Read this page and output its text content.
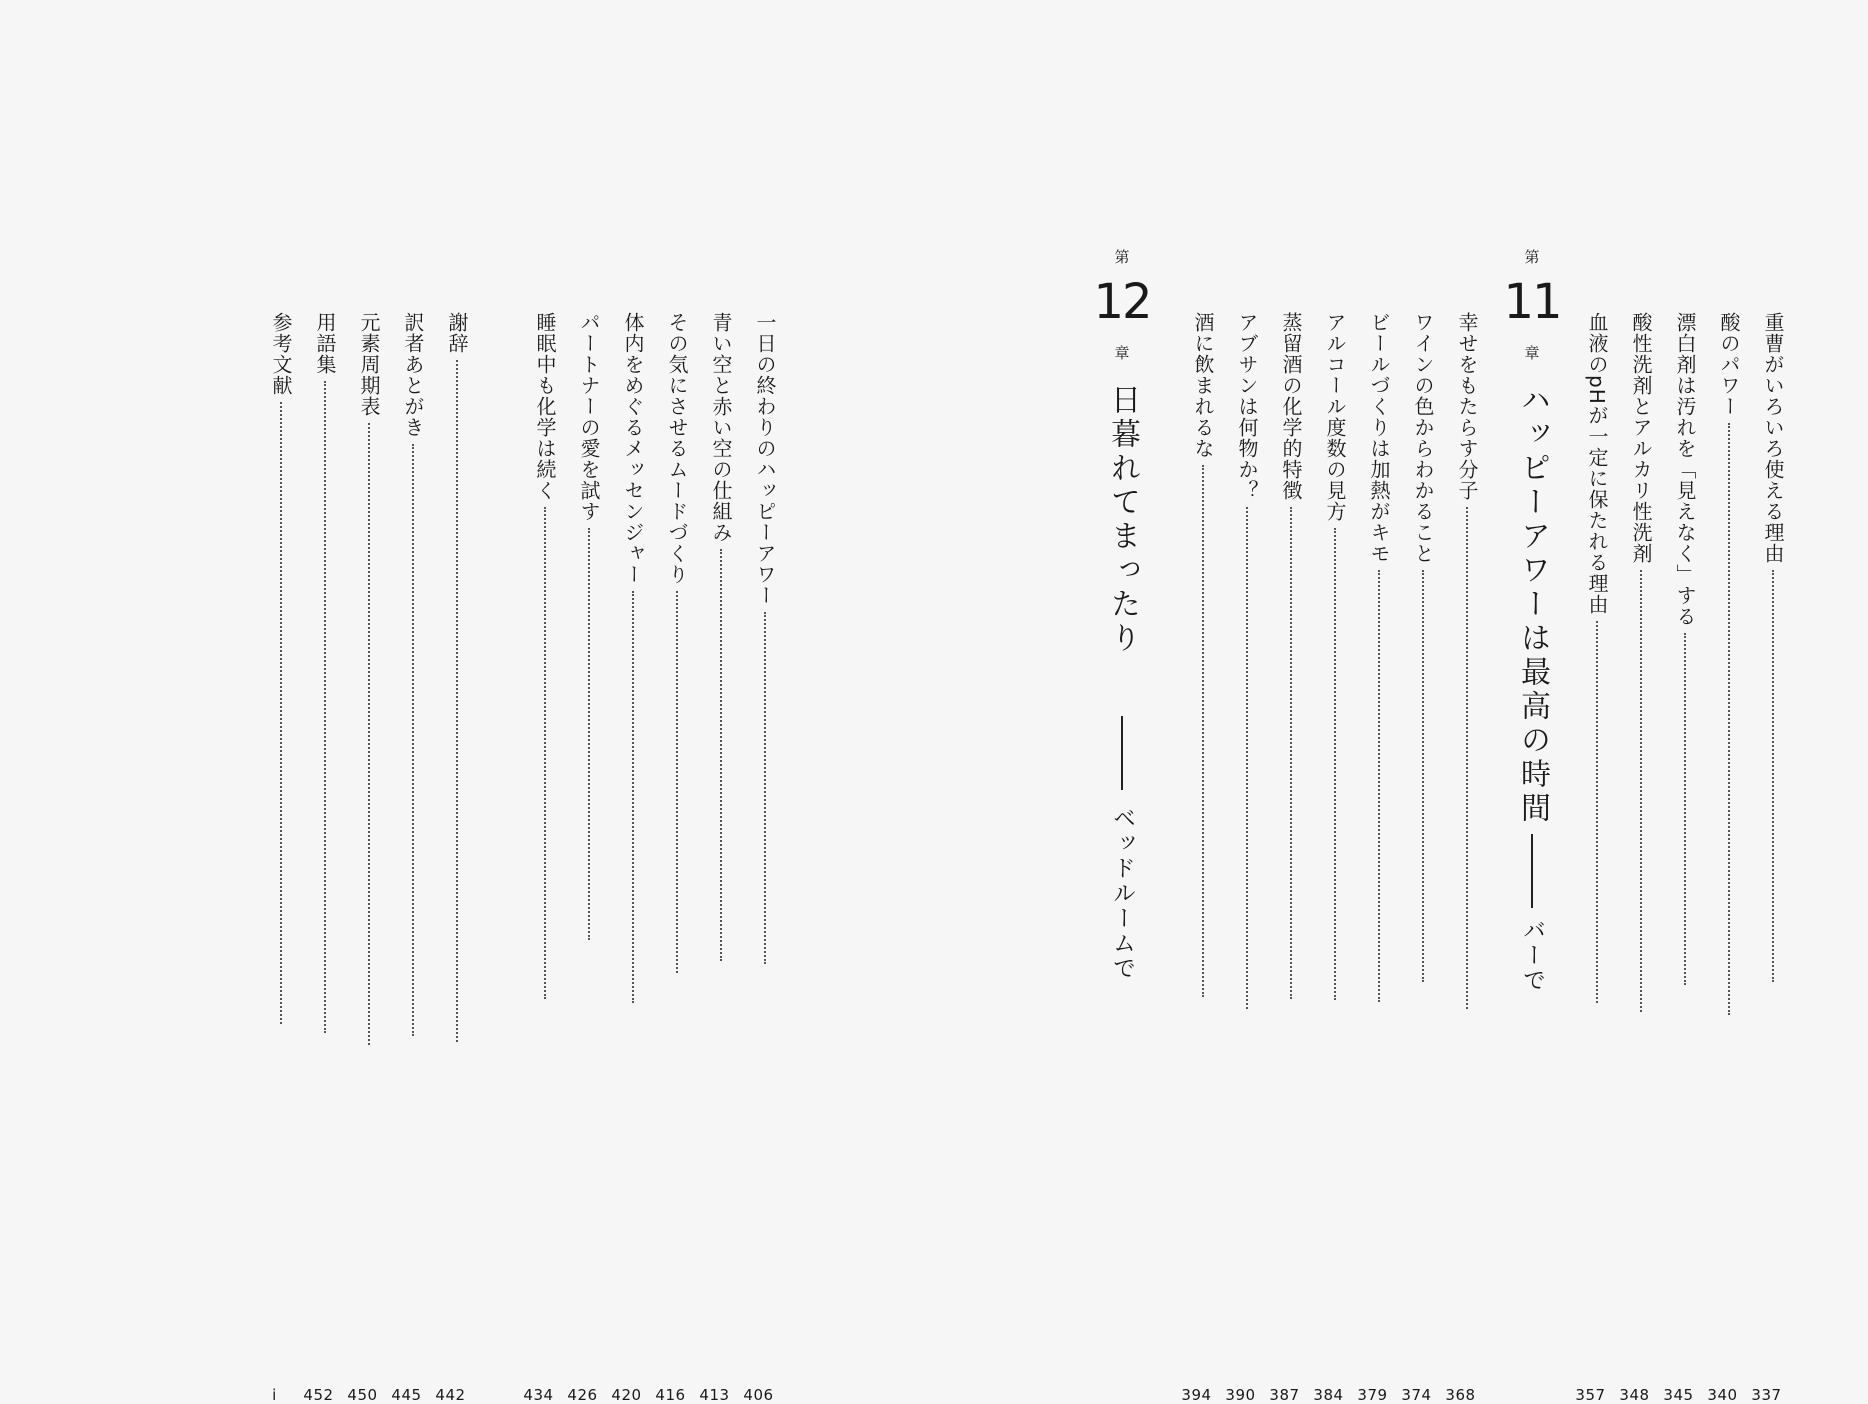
一日の終わりのハッピーアワー
406
青い空と赤い空の仕組み
413
その気にさせるムードづくり
416
体内をめぐるメッセンジャー
420
パートナーの愛を試す
426
睡眠中も化学は続く
434
謝辞
442
訳者あとがき
445
元素周期表
450
用語集
452
参考文献
i
第
12
章
日暮れてまったり
ベッドルームで
重曹がいろいろ使える理由
337
酸のパワー
340
漂白剤は汚れを「見えなく」する
345
酸性洗剤とアルカリ性洗剤
348
血液のpHが一定に保たれる理由
357
第
11
章
ハッピーアワーは最高の時間
バーで
幸せをもたらす分子
368
ワインの色からわかること
374
ビールづくりは加熱がキモ
379
アルコール度数の見方
384
蒸留酒の化学的特徴
387
アブサンは何物か？
390
酒に飲まれるな
394
